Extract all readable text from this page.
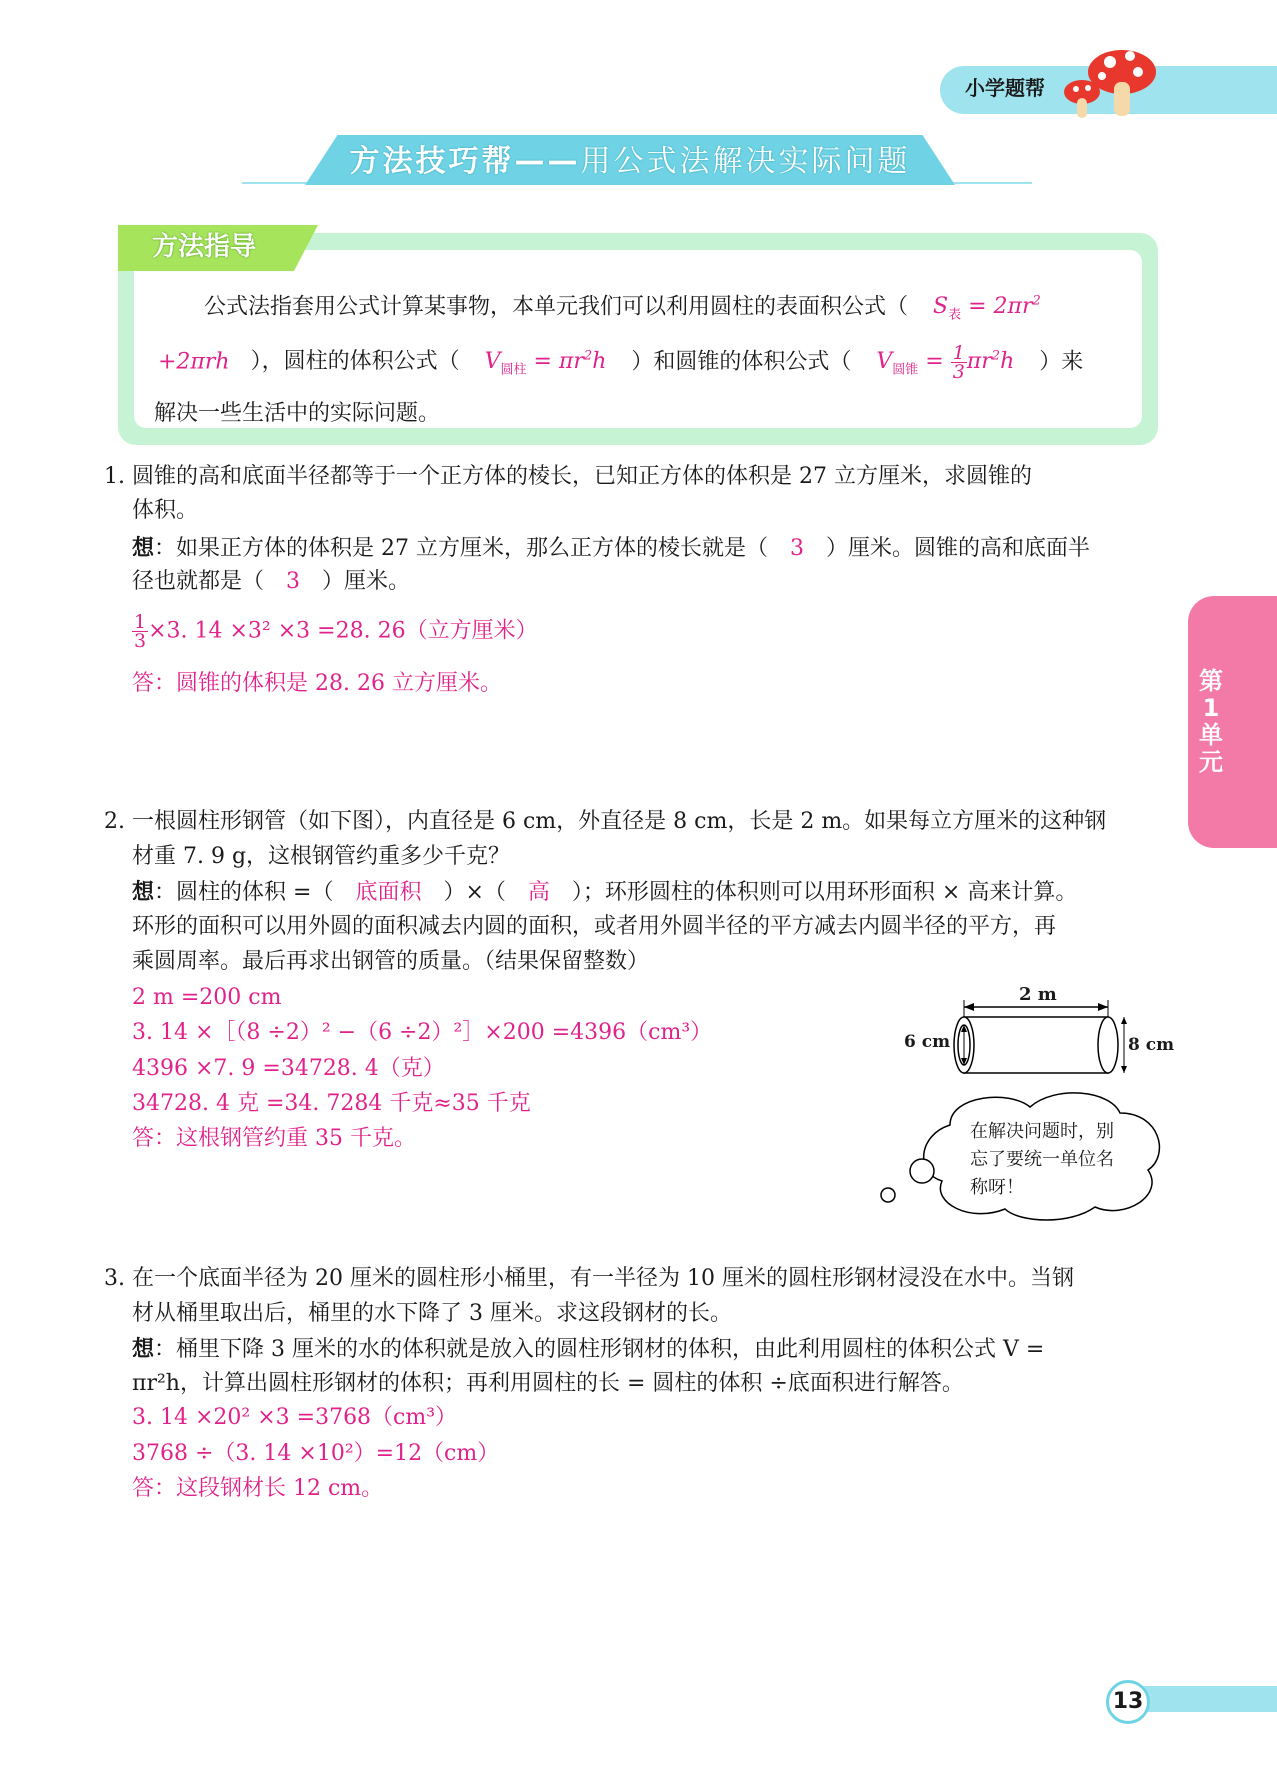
小学题帮
方法技巧帮——用公式法解决实际问题
方法指导
公式法指套用公式计算某事物，本单元我们可以利用圆柱的表面积公式（ $S_表 = 2\pi r^2$
+2πrh ），圆柱的体积公式（ $V_{圆柱} = \pi r^2h$ ）和圆锥的体积公式（ $V_{圆锥} = \frac{1}{3} \pi r^2h$ ）来
解决一些生活中的实际问题。
1. 圆锥的高和底面半径都等于一个正方体的棱长，已知正方体的体积是 27 立方厘米，求圆锥的
体积。
想：如果正方体的体积是 27 立方厘米，那么正方体的棱长就是（ 3 ）厘米。圆锥的高和底面半
径也就都是（ 3 ）厘米。
$\frac{1}{3} \times 3$. 14 ×3² ×3 =28. 26（立方厘米）
答：圆锥的体积是 28. 26 立方厘米。
2. 一根圆柱形钢管（如下图），内直径是 6 cm，外直径是 8 cm，长是 2 m。如果每立方厘米的这种钢
材重 7. 9 g，这根钢管约重多少千克？
想：圆柱的体积 =（ 底面积 ）×（ 高 ）；环形圆柱的体积则可以用环形面积 × 高来计算。
环形的面积可以用外圆的面积减去内圆的面积，或者用外圆半径的平方减去内圆半径的平方，再
乘圆周率。最后再求出钢管的质量。（结果保留整数）
2 m =200 cm
3. 14 ×［（8 ÷2）² −（6 ÷2）²］×200 =4396（cm³）
4396 ×7. 9 =34728. 4（克）
34728. 4 克 =34. 7284 千克≈35 千克
答：这根钢管约重 35 千克。
2 m
6 cm	8 cm
在解决问题时，别
忘了要统一单位名
称呀！
3. 在一个底面半径为 20 厘米的圆柱形小桶里，有一半径为 10 厘米的圆柱形钢材浸没在水中。当钢
材从桶里取出后，桶里的水下降了 3 厘米。求这段钢材的长。
想：桶里下降 3 厘米的水的体积就是放入的圆柱形钢材的体积，由此利用圆柱的体积公式 V =
πr²h，计算出圆柱形钢材的体积；再利用圆柱的长 = 圆柱的体积 ÷底面积进行解答。
3. 14 ×20² ×3 =3768（cm³）
3768 ÷（3. 14 ×10²）=12（cm）
答：这段钢材长 12 cm。
第1单元
13
